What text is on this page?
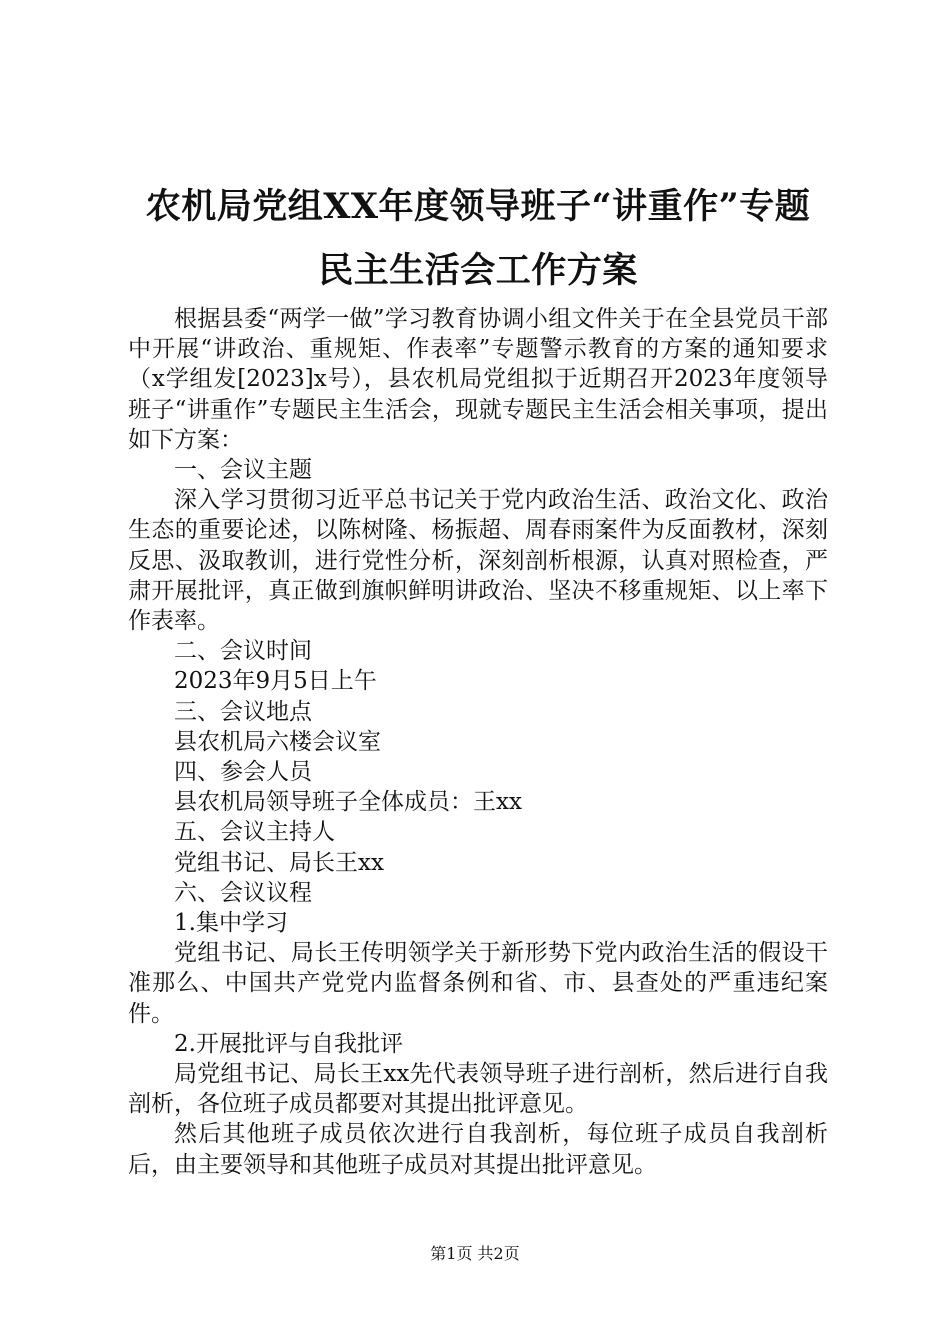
农机局党组XX年度领导班子“讲重作”专题
民主生活会工作方案

根据县委“两学一做”学习教育协调小组文件关于在全县党员干部中开展“讲政治、重规矩、作表率”专题警示教育的方案的通知要求（x学组发[2023]x号），县农机局党组拟于近期召开2023年度领导班子“讲重作”专题民主生活会，现就专题民主生活会相关事项，提出如下方案：

一、会议主题

深入学习贯彻习近平总书记关于党内政治生活、政治文化、政治生态的重要论述，以陈树隆、杨振超、周春雨案件为反面教材，深刻反思、汲取教训，进行党性分析，深刻剖析根源，认真对照检查，严肃开展批评，真正做到旗帜鲜明讲政治、坚决不移重规矩、以上率下作表率。

二、会议时间

2023年9月5日上午

三、会议地点

县农机局六楼会议室

四、参会人员

县农机局领导班子全体成员：王xx

五、会议主持人

党组书记、局长王xx

六、会议议程

1.集中学习

党组书记、局长王传明领学关于新形势下党内政治生活的假设干准那么、中国共产党党内监督条例和省、市、县查处的严重违纪案件。

2.开展批评与自我批评

局党组书记、局长王xx先代表领导班子进行剖析，然后进行自我剖析，各位班子成员都要对其提出批评意见。

然后其他班子成员依次进行自我剖析，每位班子成员自我剖析后，由主要领导和其他班子成员对其提出批评意见。

第1页 共2页
